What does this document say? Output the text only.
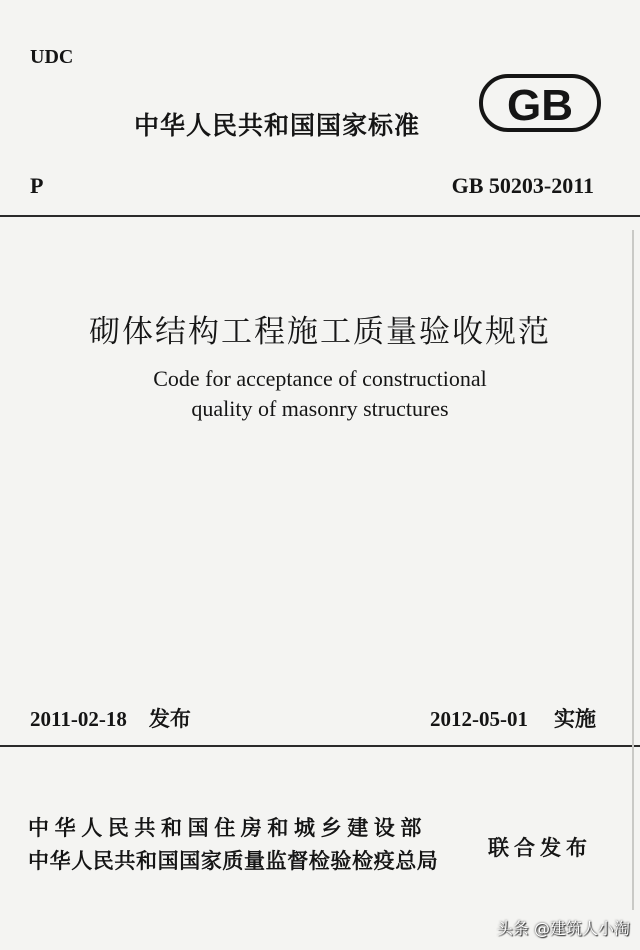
UDC
中华人民共和国国家标准 GB
P	GB 50203-2011
砌体结构工程施工质量验收规范
Code for acceptance of constructional
quality of masonry structures
2011-02-18 发布	2012-05-01 实施
中华人民共和国住房和城乡建设部
中华人民共和国国家质量监督检验检疫总局
联合发布
头条 @建筑人小淘
